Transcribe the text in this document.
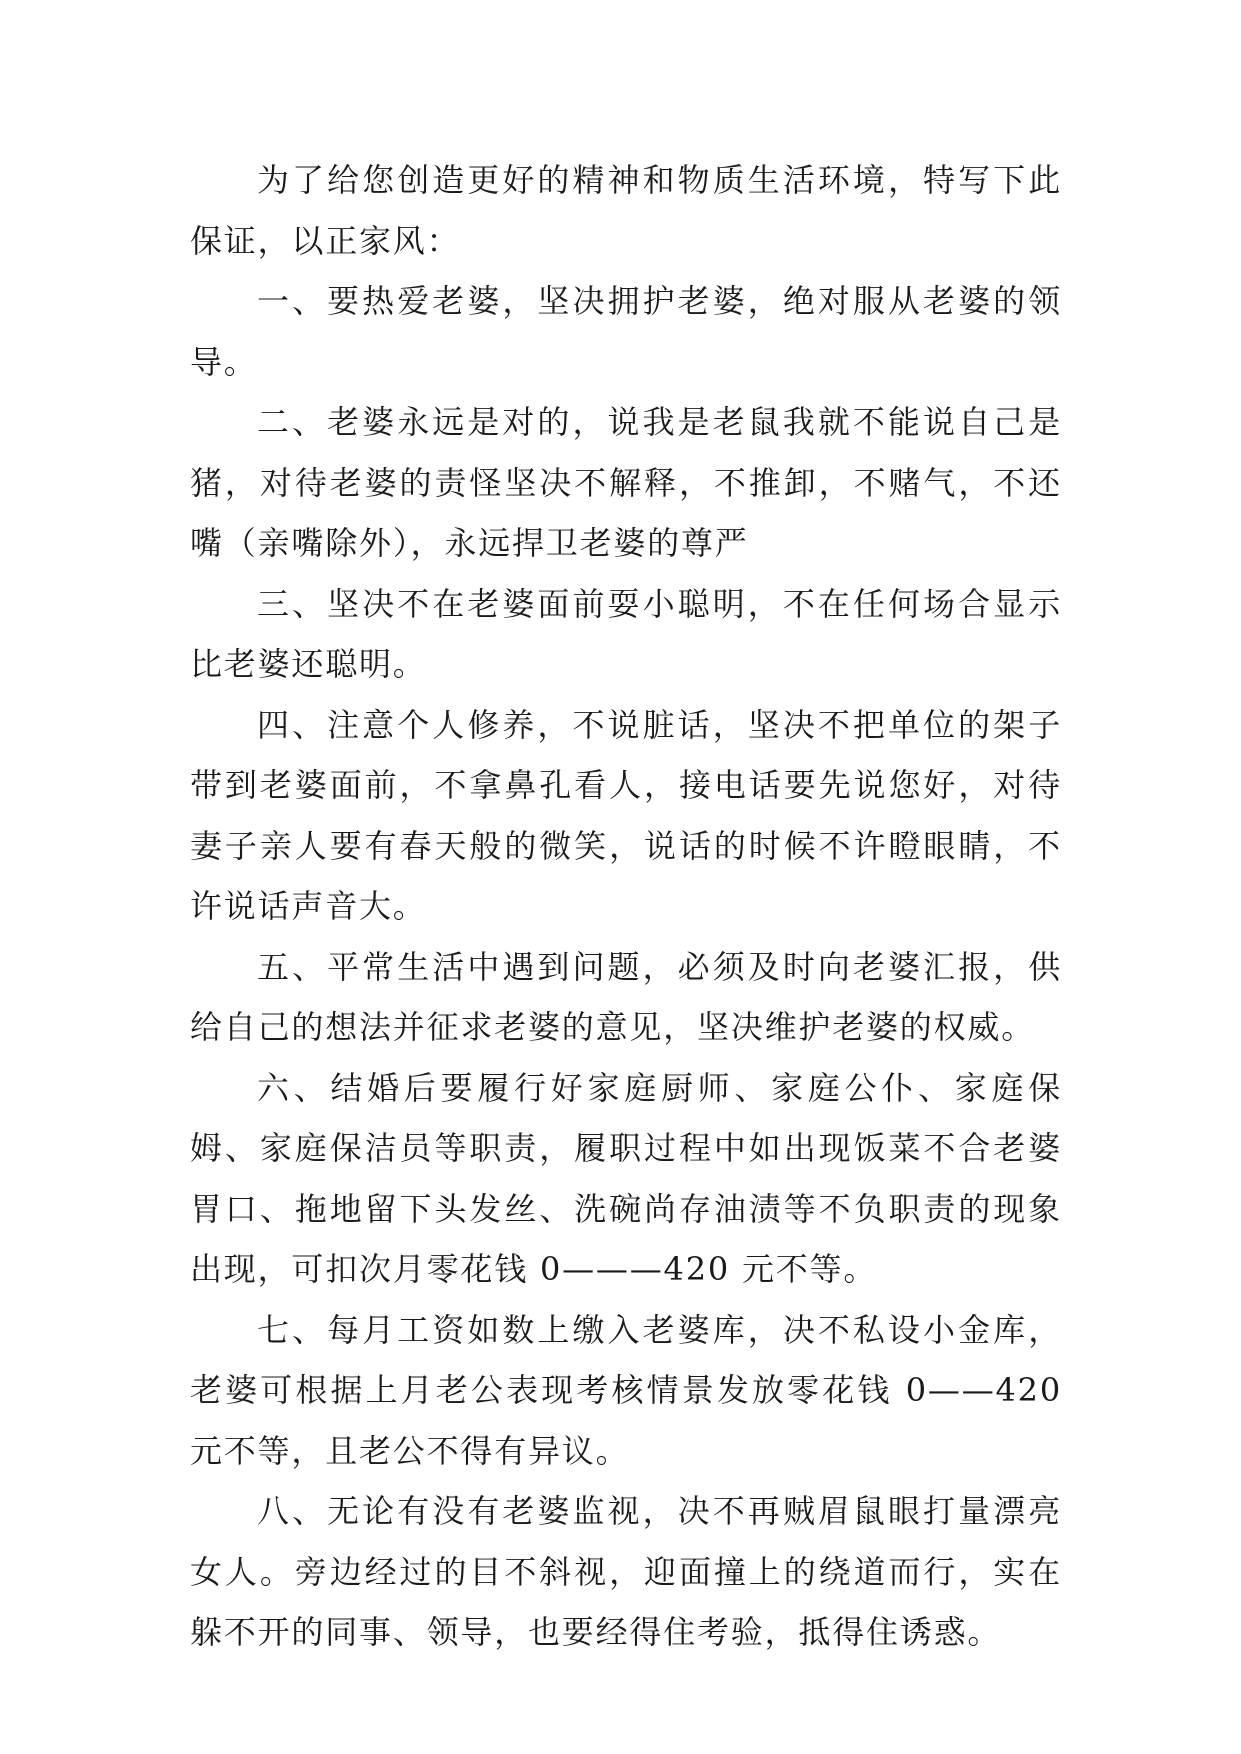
为了给您创造更好的精神和物质生活环境，特写下此保证，以正家风：

一、要热爱老婆，坚决拥护老婆，绝对服从老婆的领导。

二、老婆永远是对的，说我是老鼠我就不能说自己是猪，对待老婆的责怪坚决不解释，不推卸，不赌气，不还嘴（亲嘴除外），永远捍卫老婆的尊严

三、坚决不在老婆面前耍小聪明，不在任何场合显示比老婆还聪明。

四、注意个人修养，不说脏话，坚决不把单位的架子带到老婆面前，不拿鼻孔看人，接电话要先说您好，对待妻子亲人要有春天般的微笑，说话的时候不许瞪眼睛，不许说话声音大。

五、平常生活中遇到问题，必须及时向老婆汇报，供给自己的想法并征求老婆的意见，坚决维护老婆的权威。

六、结婚后要履行好家庭厨师、家庭公仆、家庭保姆、家庭保洁员等职责，履职过程中如出现饭菜不合老婆胃口、拖地留下头发丝、洗碗尚存油渍等不负职责的现象出现，可扣次月零花钱 0———420 元不等。

七、每月工资如数上缴入老婆库，决不私设小金库，老婆可根据上月老公表现考核情景发放零花钱 0——420 元不等，且老公不得有异议。

八、无论有没有老婆监视，决不再贼眉鼠眼打量漂亮女人。旁边经过的目不斜视，迎面撞上的绕道而行，实在躲不开的同事、领导，也要经得住考验，抵得住诱惑。
